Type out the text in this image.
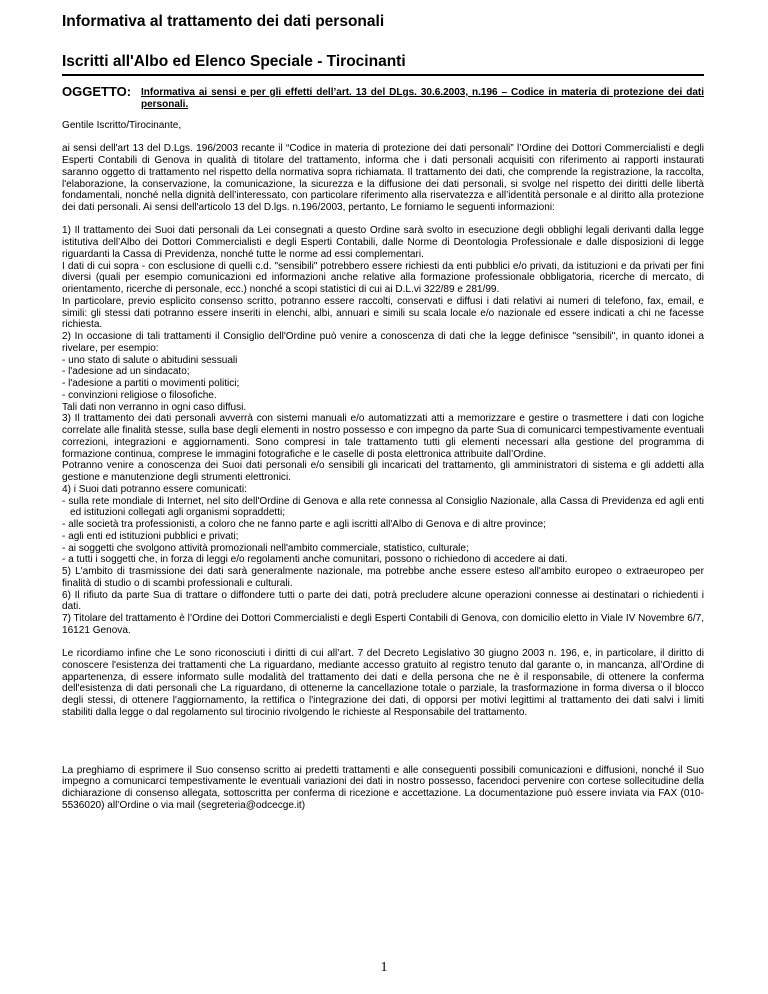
Informativa al trattamento dei dati personali
Iscritti all'Albo ed Elenco Speciale - Tirocinanti
OGGETTO: Informativa ai sensi e per gli effetti dell’art. 13 del DLgs. 30.6.2003, n.196 – Codice in materia di protezione dei dati personali.

Gentile Iscritto/Tirocinante,

ai sensi dell'art 13 del D.Lgs. 196/2003 recante il “Codice in materia di protezione dei dati personali” l’Ordine dei Dottori Commercialisti e degli Esperti Contabili di Genova in qualità di titolare del trattamento, informa che i dati personali acquisiti con riferimento ai rapporti instaurati saranno oggetto di trattamento nel rispetto della normativa sopra richiamata. Il trattamento dei dati, che comprende la registrazione, la raccolta, l'elaborazione, la conservazione, la comunicazione, la sicurezza e la diffusione dei dati personali, si svolge nel rispetto dei diritti delle libertà fondamentali, nonché nella dignità dell’interessato, con particolare riferimento alla riservatezza e all’identità personale e al diritto alla protezione dei dati personali. Ai sensi dell'articolo 13 del D.lgs. n.196/2003, pertanto, Le forniamo le seguenti informazioni:

1) Il trattamento dei Suoi dati personali da Lei consegnati a questo Ordine sarà svolto in esecuzione degli obblighi legali derivanti dalla legge istitutiva dell’Albo dei Dottori Commercialisti e degli Esperti Contabili, dalle Norme di Deontologia Professionale e dalle disposizioni di legge riguardanti la Cassa di Previdenza, nonché tutte le norme ad essi complementari.

I dati di cui sopra - con esclusione di quelli c.d. "sensibili" potrebbero essere richiesti da enti pubblici e/o privati, da istituzioni e da privati per fini diversi (quali per esempio comunicazioni ed informazioni anche relative alla formazione professionale obbligatoria, ricerche di mercato, di orientamento, ricerche di personale, ecc.) nonché a scopi statistici di cui ai D.L.vi 322/89 e 281/99.

In particolare, previo esplicito consenso scritto, potranno essere raccolti, conservati e diffusi i dati relativi ai numeri di telefono, fax, email, e simili: gli stessi dati potranno essere inseriti in elenchi, albi, annuari e simili su scala locale e/o nazionale ed essere indicati a chi ne facesse richiesta.

2) In occasione di tali trattamenti il Consiglio dell'Ordine può venire a conoscenza di dati che la legge definisce "sensibili", in quanto idonei a rivelare, per esempio:

- uno stato di salute o abitudini sessuali

- l'adesione ad un sindacato;

- l'adesione a partiti o movimenti politici;

- convinzioni religiose o filosofiche.

Tali dati non verranno in ogni caso diffusi.

3) Il trattamento dei dati personali avverrà con sistemi manuali e/o automatizzati atti a memorizzare e gestire o trasmettere i dati con logiche correlate alle finalità stesse, sulla base degli elementi in nostro possesso e con impegno da parte Sua di comunicarci tempestivamente eventuali correzioni, integrazioni e aggiornamenti. Sono compresi in tale trattamento tutti gli elementi necessari alla gestione del programma di formazione continua, comprese le immagini fotografiche e le caselle di posta elettronica attribuite dall’Ordine.

Potranno venire a conoscenza dei Suoi dati personali e/o sensibili gli incaricati del trattamento, gli amministratori di sistema e gli addetti alla gestione e manutenzione degli strumenti elettronici.

4) i Suoi dati potranno essere comunicati:

- sulla rete mondiale di Internet, nel sito dell'Ordine di Genova e alla rete connessa al Consiglio Nazionale, alla Cassa di Previdenza ed agli enti ed istituzioni collegati agli organismi sopraddetti;

- alle società tra professionisti, a coloro che ne fanno parte e agli iscritti all'Albo di Genova e di altre province;

- agli enti ed istituzioni pubblici e privati;

- ai soggetti che svolgono attività promozionali nell'ambito commerciale, statistico, culturale;

- a tutti i soggetti che, in forza di leggi e/o regolamenti anche comunitari, possono o richiedono di accedere ai dati.

5) L'ambito di trasmissione dei dati sarà generalmente nazionale, ma potrebbe anche essere esteso all'ambito europeo o extraeuropeo per finalità di studio o di scambi professionali e culturali.

6) Il rifiuto da parte Sua di trattare o diffondere tutti o parte dei dati, potrà precludere alcune operazioni connesse ai destinatari o richiedenti i dati.

7) Titolare del trattamento è l’Ordine dei Dottori Commercialisti e degli Esperti Contabili di Genova, con domicilio eletto in Viale IV Novembre 6/7, 16121 Genova.

Le ricordiamo infine che Le sono riconosciuti i diritti di cui all’art. 7 del Decreto Legislativo 30 giugno 2003 n. 196, e, in particolare, il diritto di conoscere l'esistenza dei trattamenti che La riguardano, mediante accesso gratuito al registro tenuto dal garante o, in mancanza, all’Ordine di appartenenza, di essere informato sulle modalità del trattamento dei dati e della persona che ne è il responsabile, di ottenere la conferma dell'esistenza di dati personali che La riguardano, di ottenerne la cancellazione totale o parziale, la trasformazione in forma diversa o il blocco degli stessi, di ottenere l'aggiornamento, la rettifica o l'integrazione dei dati, di opporsi per motivi legittimi al trattamento dei dati salvi i limiti stabiliti dalla legge o dal regolamento sul tirocinio rivolgendo le richieste al Responsabile del trattamento.

La preghiamo di esprimere il Suo consenso scritto ai predetti trattamenti e alle conseguenti possibili comunicazioni e diffusioni, nonché il Suo impegno a comunicarci tempestivamente le eventuali variazioni dei dati in nostro possesso, facendoci pervenire con cortese sollecitudine della dichiarazione di consenso allegata, sottoscritta per conferma di ricezione e accettazione. La documentazione può essere inviata via FAX (010- 5536020) all’Ordine o via mail (segreteria@odcecge.it)

1
